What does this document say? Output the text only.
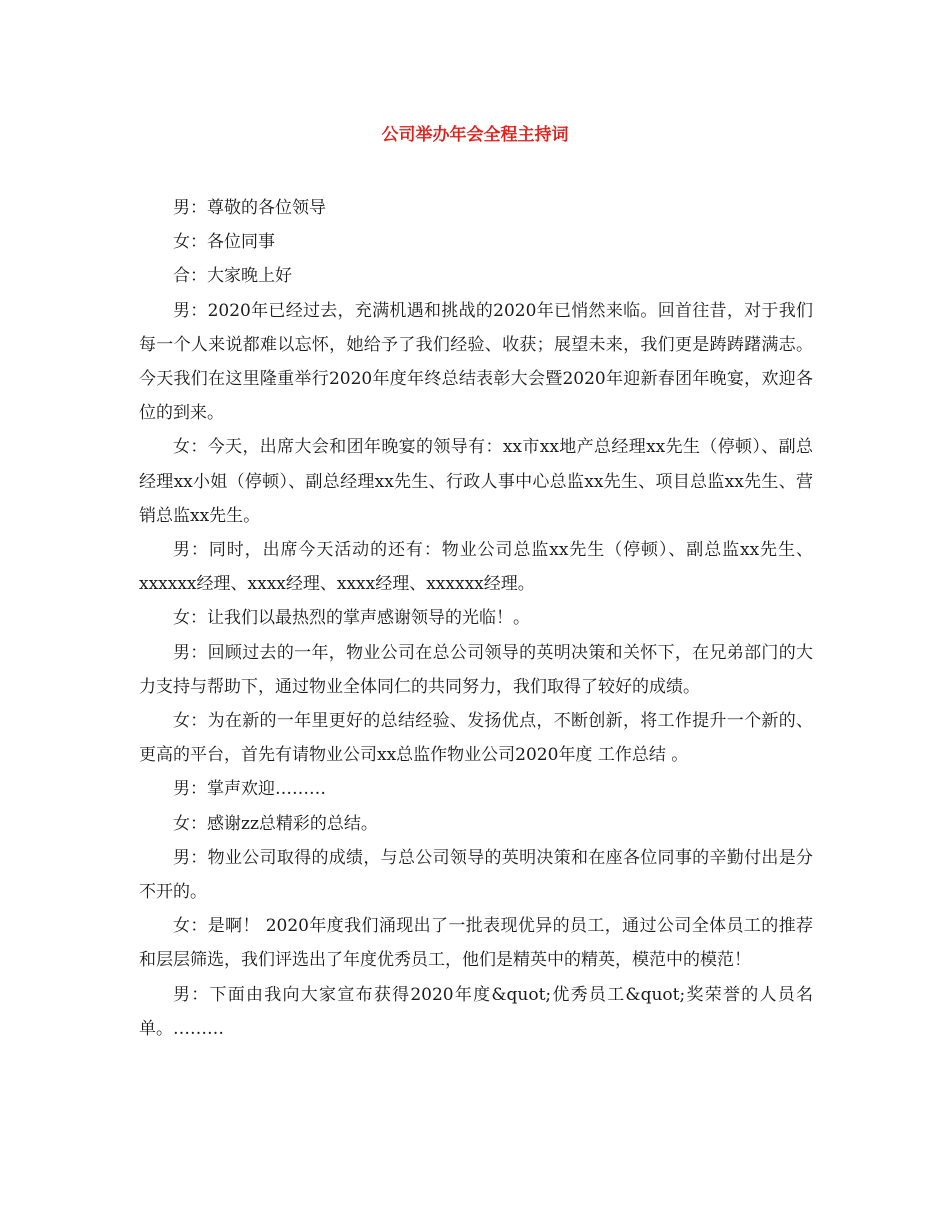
公司举办年会全程主持词

男：尊敬的各位领导

女：各位同事

合：大家晚上好

男：2020年已经过去，充满机遇和挑战的2020年已悄然来临。回首往昔，对于我们每一个人来说都难以忘怀，她给予了我们经验、收获；展望未来，我们更是踌踌躇满志。今天我们在这里隆重举行2020年度年终总结表彰大会暨2020年迎新春团年晚宴，欢迎各位的到来。

女：今天，出席大会和团年晚宴的领导有：xx市xx地产总经理xx先生（停顿）、副总经理xx小姐（停顿）、副总经理xx先生、行政人事中心总监xx先生、项目总监xx先生、营销总监xx先生。

男：同时，出席今天活动的还有：物业公司总监xx先生（停顿）、副总监xx先生、xxxxxx经理、xxxx经理、xxxx经理、xxxxxx经理。

女：让我们以最热烈的掌声感谢领导的光临！。

男：回顾过去的一年，物业公司在总公司领导的英明决策和关怀下，在兄弟部门的大力支持与帮助下，通过物业全体同仁的共同努力，我们取得了较好的成绩。

女：为在新的一年里更好的总结经验、发扬优点，不断创新，将工作提升一个新的、更高的平台，首先有请物业公司xx总监作物业公司2020年度 工作总结 。

男：掌声欢迎………

女：感谢zz总精彩的总结。

男：物业公司取得的成绩，与总公司领导的英明决策和在座各位同事的辛勤付出是分不开的。

女：是啊！ 2020年度我们涌现出了一批表现优异的员工，通过公司全体员工的推荐和层层筛选，我们评选出了年度优秀员工，他们是精英中的精英，模范中的模范！

男：下面由我向大家宣布获得2020年度&quot;优秀员工&quot;奖荣誉的人员名单。………
